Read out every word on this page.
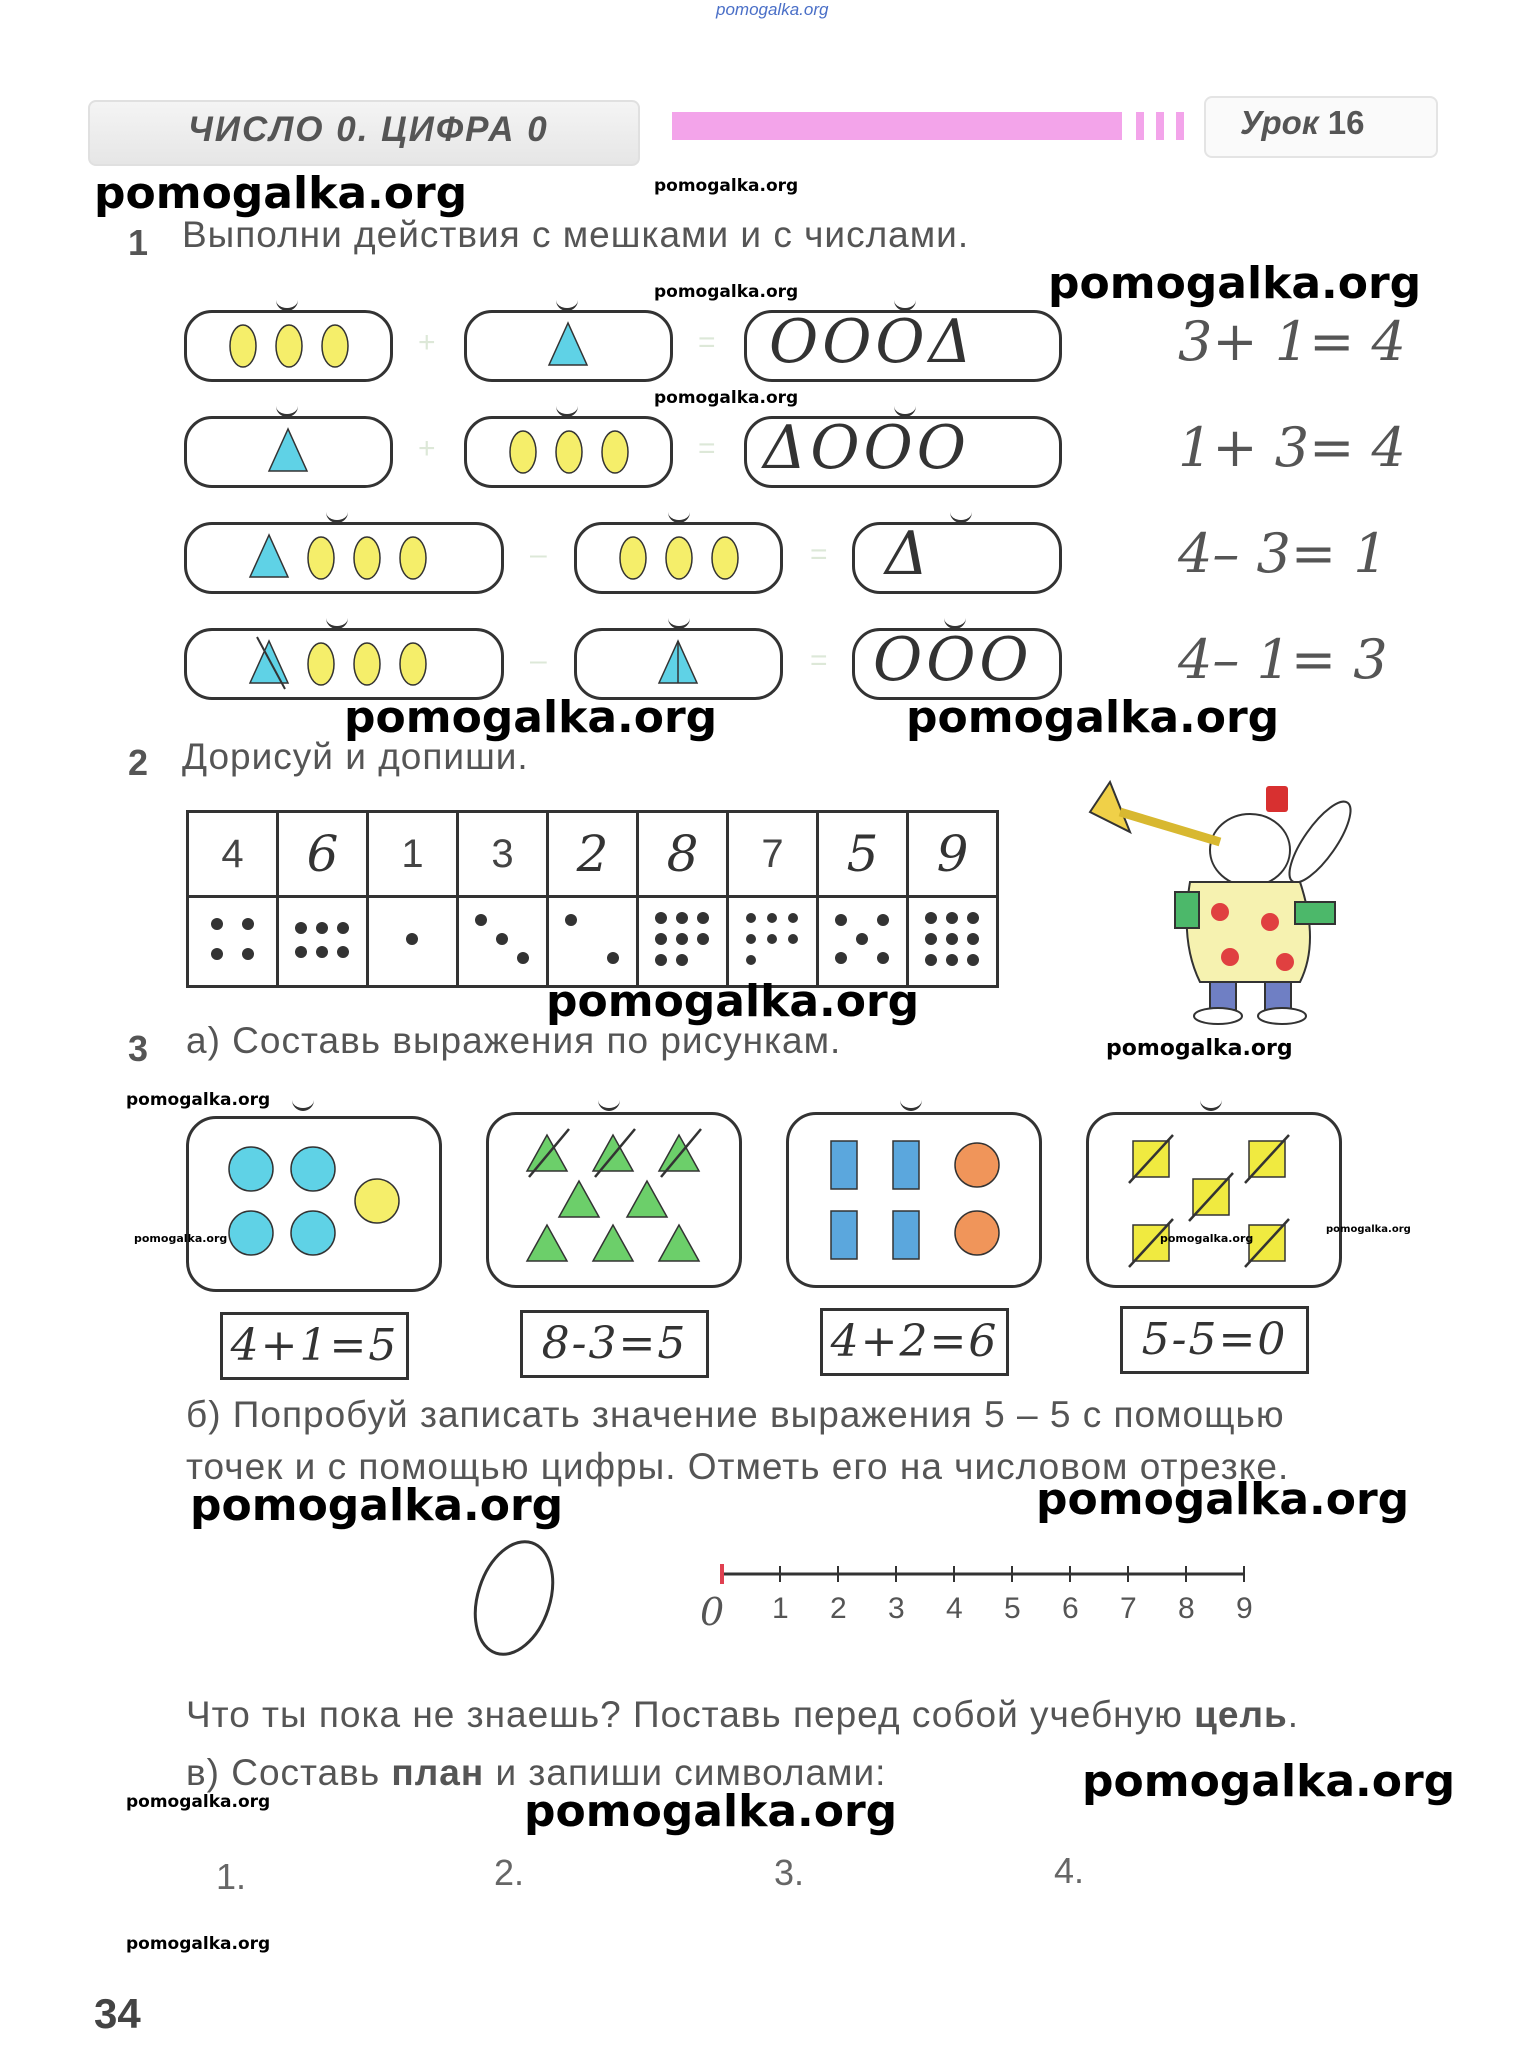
pomogalka.org
ЧИСЛО 0. ЦИФРА 0	Урок 16
pomogalka.org	pomogalka.org
pomogalka.org	pomogalka.org
pomogalka.org
1 Выполни действия с мешками и с числами.
+	= OOOΔ	3+ 1= 4
+	= ΔOOO	1+ 3= 4
–	= Δ	4– 3= 1
–	= OOO	4– 1= 3
pomogalka.org	pomogalka.org
2 Дорисуй и допиши.
4	6	1	3	2	8	7	5	9

pomogalka.org
pomogalka.org
3 а) Составь выражения по рисункам.
pomogalka.org
pomogalka.org	pomogalka.org
pomogalka.org
4+1=5	8-3=5	4+2=6	5-5=0
б) Попробуй записать значение выражения 5 – 5 с помощью
точек и с помощью цифры. Отметь его на числовом отрезке.
pomogalka.org	pomogalka.org
0 1 2 3 4 5 6 7 8 9
Что ты пока не знаешь? Поставь перед собой учебную цель.
в) Составь план и запиши символами:	pomogalka.org
pomogalka.org	pomogalka.org
1.	2.	3.	4.
pomogalka.org
34
